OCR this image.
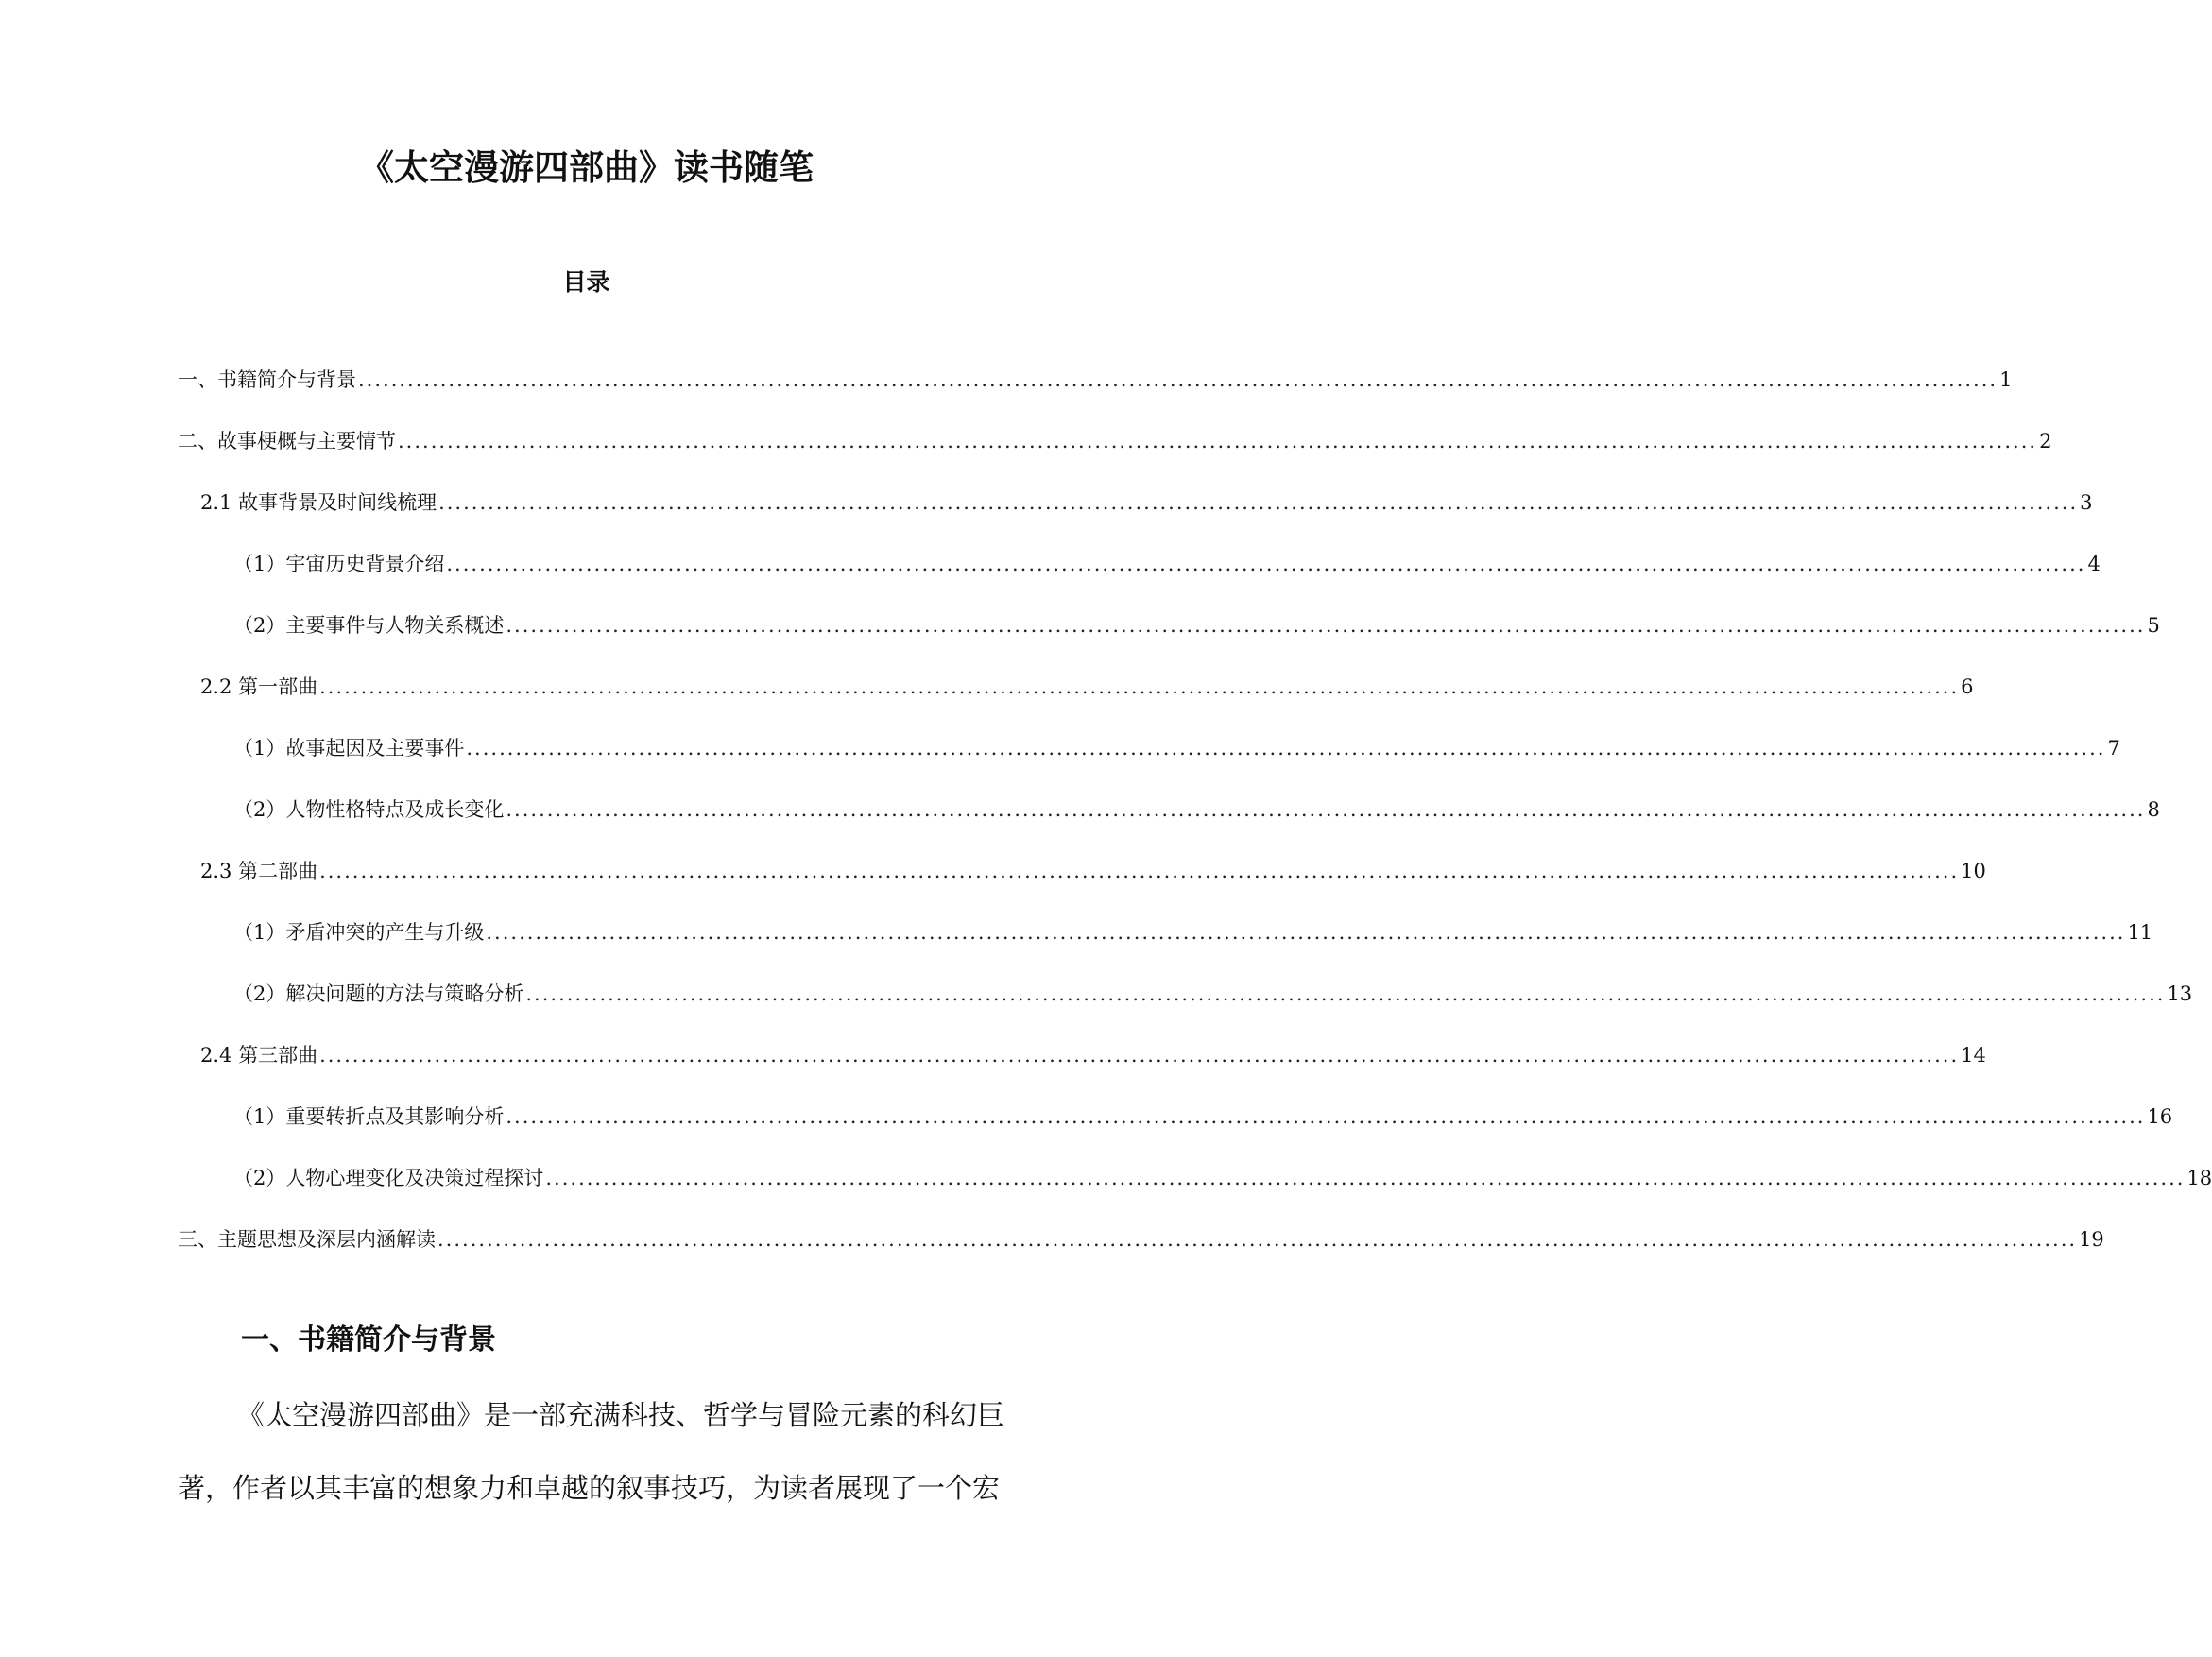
《太空漫游四部曲》读书随笔
目录
一、书籍简介与背景 ........................................................................................................................................................................................................ 1
二、故事梗概与主要情节 ........................................................................................................................................................................................................ 2
2.1 故事背景及时间线梳理 ........................................................................................................................................................................................................ 3
（1）宇宙历史背景介绍 ........................................................................................................................................................................................................ 4
（2）主要事件与人物关系概述 ........................................................................................................................................................................................................ 5
2.2 第一部曲 ........................................................................................................................................................................................................ 6
（1）故事起因及主要事件 ........................................................................................................................................................................................................ 7
（2）人物性格特点及成长变化 ........................................................................................................................................................................................................ 8
2.3 第二部曲 ........................................................................................................................................................................................................ 10
（1）矛盾冲突的产生与升级 ........................................................................................................................................................................................................ 11
（2）解决问题的方法与策略分析 ........................................................................................................................................................................................................ 13
2.4 第三部曲 ........................................................................................................................................................................................................ 14
（1）重要转折点及其影响分析 ........................................................................................................................................................................................................ 16
（2）人物心理变化及决策过程探讨 ........................................................................................................................................................................................................ 18
三、主题思想及深层内涵解读 ........................................................................................................................................................................................................ 19
一、书籍简介与背景
《太空漫游四部曲》是一部充满科技、哲学与冒险元素的科幻巨
著，作者以其丰富的想象力和卓越的叙事技巧，为读者展现了一个宏
